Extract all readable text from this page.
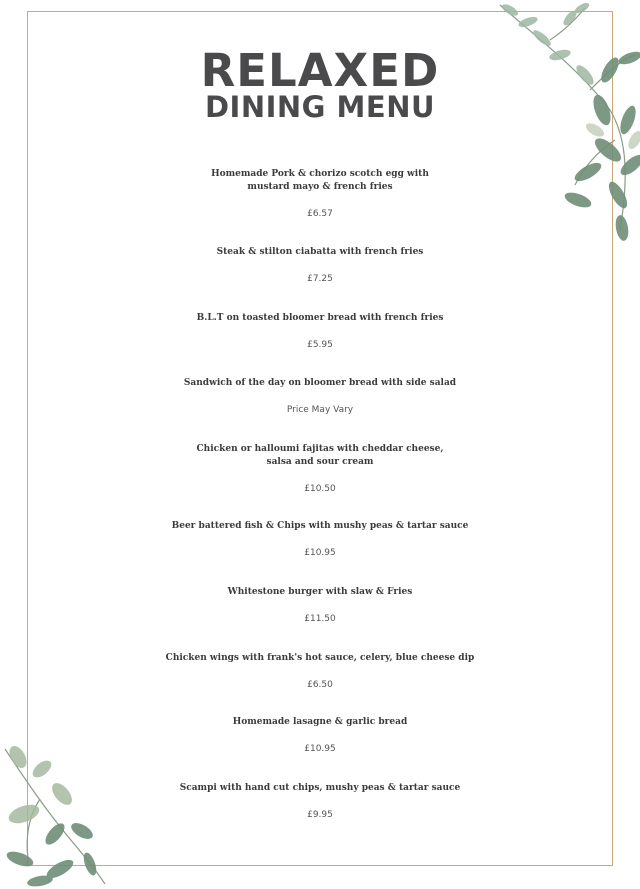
RELAXED
DINING MENU

Homemade Pork & chorizo scotch egg with
mustard mayo & french fries

£6.57

Steak & stilton ciabatta with french fries

£7.25

B.L.T on toasted bloomer bread with french fries

£5.95

Sandwich of the day on bloomer bread with side salad

Price May Vary

Chicken or halloumi fajitas with cheddar cheese,
salsa and sour cream

£10.50

Beer battered fish & Chips with mushy peas & tartar sauce

£10.95

Whitestone burger with slaw & Fries

£11.50

Chicken wings with frank's hot sauce, celery, blue cheese dip

£6.50

Homemade lasagne & garlic bread

£10.95

Scampi with hand cut chips, mushy peas & tartar sauce

£9.95
